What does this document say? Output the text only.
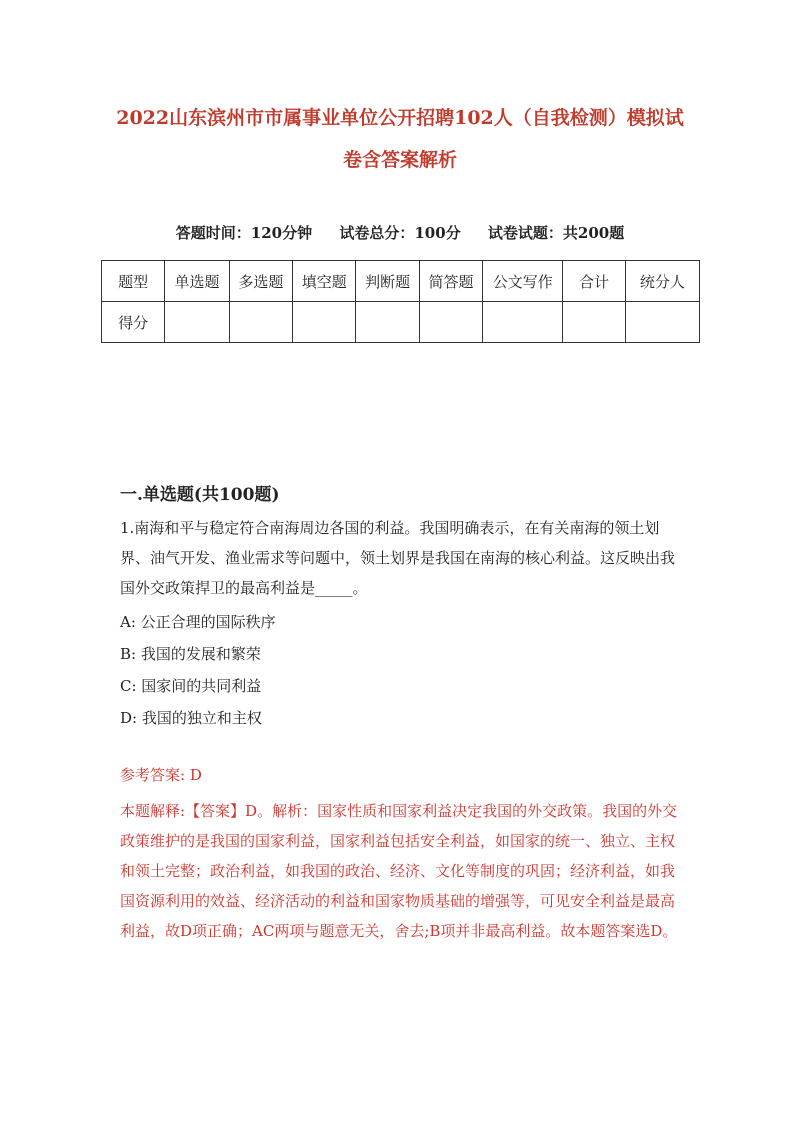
2022山东滨州市市属事业单位公开招聘102人（自我检测）模拟试
卷含答案解析
答题时间：120分钟 试卷总分：100分 试卷试题：共200题
题型	单选题	多选题	填空题	判断题	简答题	公文写作	合计	统分人
得分								
一.单选题(共100题)

1.南海和平与稳定符合南海周边各国的利益。我国明确表示，在有关南海的领土划界、油气开发、渔业需求等问题中，领土划界是我国在南海的核心利益。这反映出我国外交政策捍卫的最高利益是_____。

A: 公正合理的国际秩序
B: 我国的发展和繁荣
C: 国家间的共同利益
D: 我国的独立和主权

参考答案: D

本题解释:【答案】D。解析：国家性质和国家利益决定我国的外交政策。我国的外交政策维护的是我国的国家利益，国家利益包括安全利益，如国家的统一、独立、主权和领土完整；政治利益，如我国的政治、经济、文化等制度的巩固；经济利益，如我国资源利用的效益、经济活动的利益和国家物质基础的增强等，可见安全利益是最高利益，故D项正确；AC两项与题意无关，舍去;B项并非最高利益。故本题答案选D。
